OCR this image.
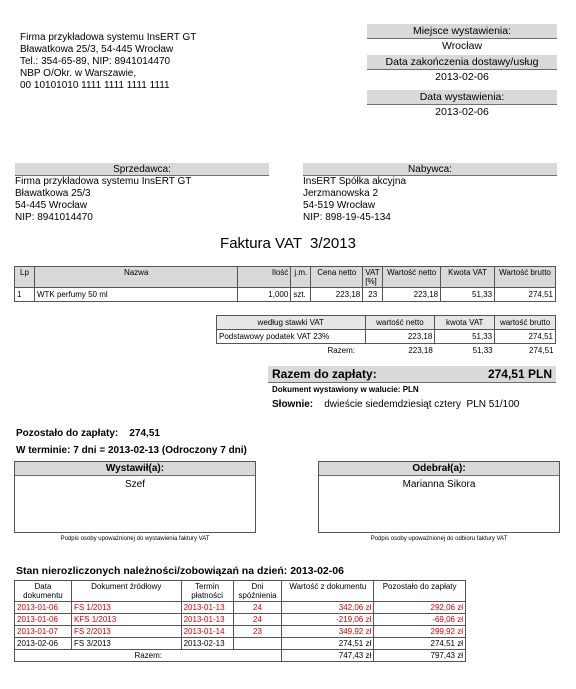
Firma przykładowa systemu InsERT GT
Bławatkowa 25/3, 54-445 Wrocław
Tel.: 354-65-89, NIP: 8941014470
NBP O/Okr. w Warszawie,
00 10101010 1111 1111 1111 1111
Miejsce wystawienia:
Wrocław
Data zakończenia dostawy/usług
2013-02-06
Data wystawienia:
2013-02-06
Sprzedawca:
Firma przykładowa systemu InsERT GT
Bławatkowa 25/3
54-445 Wrocław
NIP: 8941014470
Nabywca:
InsERT Spółka akcyjna
Jerzmanowska 2
54-519 Wrocław
NIP: 898-19-45-134
Faktura VAT  3/2013
Lp	Nazwa	Ilość	j.m.	Cena netto	VAT [%]	Wartość netto	Kwota VAT	Wartość brutto
1	WTK perfumy 50 ml	1,000	szt.	223,18	23	223,18	51,33	274,51
według stawki VAT	wartość netto	kwota VAT	wartość brutto
Podstawowy podatek VAT 23%	223,18	51,33	274,51
Razem:	223,18	51,33	274,51
Razem do zapłaty:	274,51 PLN
Dokument wystawiony w walucie: PLN
Słownie: dwieście siedemdziesiąt cztery  PLN 51/100
Pozostało do zapłaty: 274,51
W terminie: 7 dni = 2013-02-13 (Odroczony 7 dni)
Wystawił(a):
Szef
Podpis osoby upoważnionej do wystawienia faktury VAT
Odebrał(a):
Marianna Sikora
Podpis osoby upoważnionej do odbioru faktury VAT
Stan nierozliczonych należności/zobowiązań na dzień: 2013-02-06
Data dokumentu	Dokument źródłowy	Termin płatności	Dni spóźnienia	Wartość z dokumentu	Pozostało do zapłaty
2013-01-06	FS 1/2013	2013-01-13	24	342,06 zł	292,06 zł
2013-01-06	KFS 1/2013	2013-01-13	24	-219,06 zł	-69,06 zł
2013-01-07	FS 2/2013	2013-01-14	23	349,92 zł	299,92 zł
2013-02-06	FS 3/2013	2013-02-13		274,51 zł	274,51 zł
Razem:				747,43 zł	797,43 zł
